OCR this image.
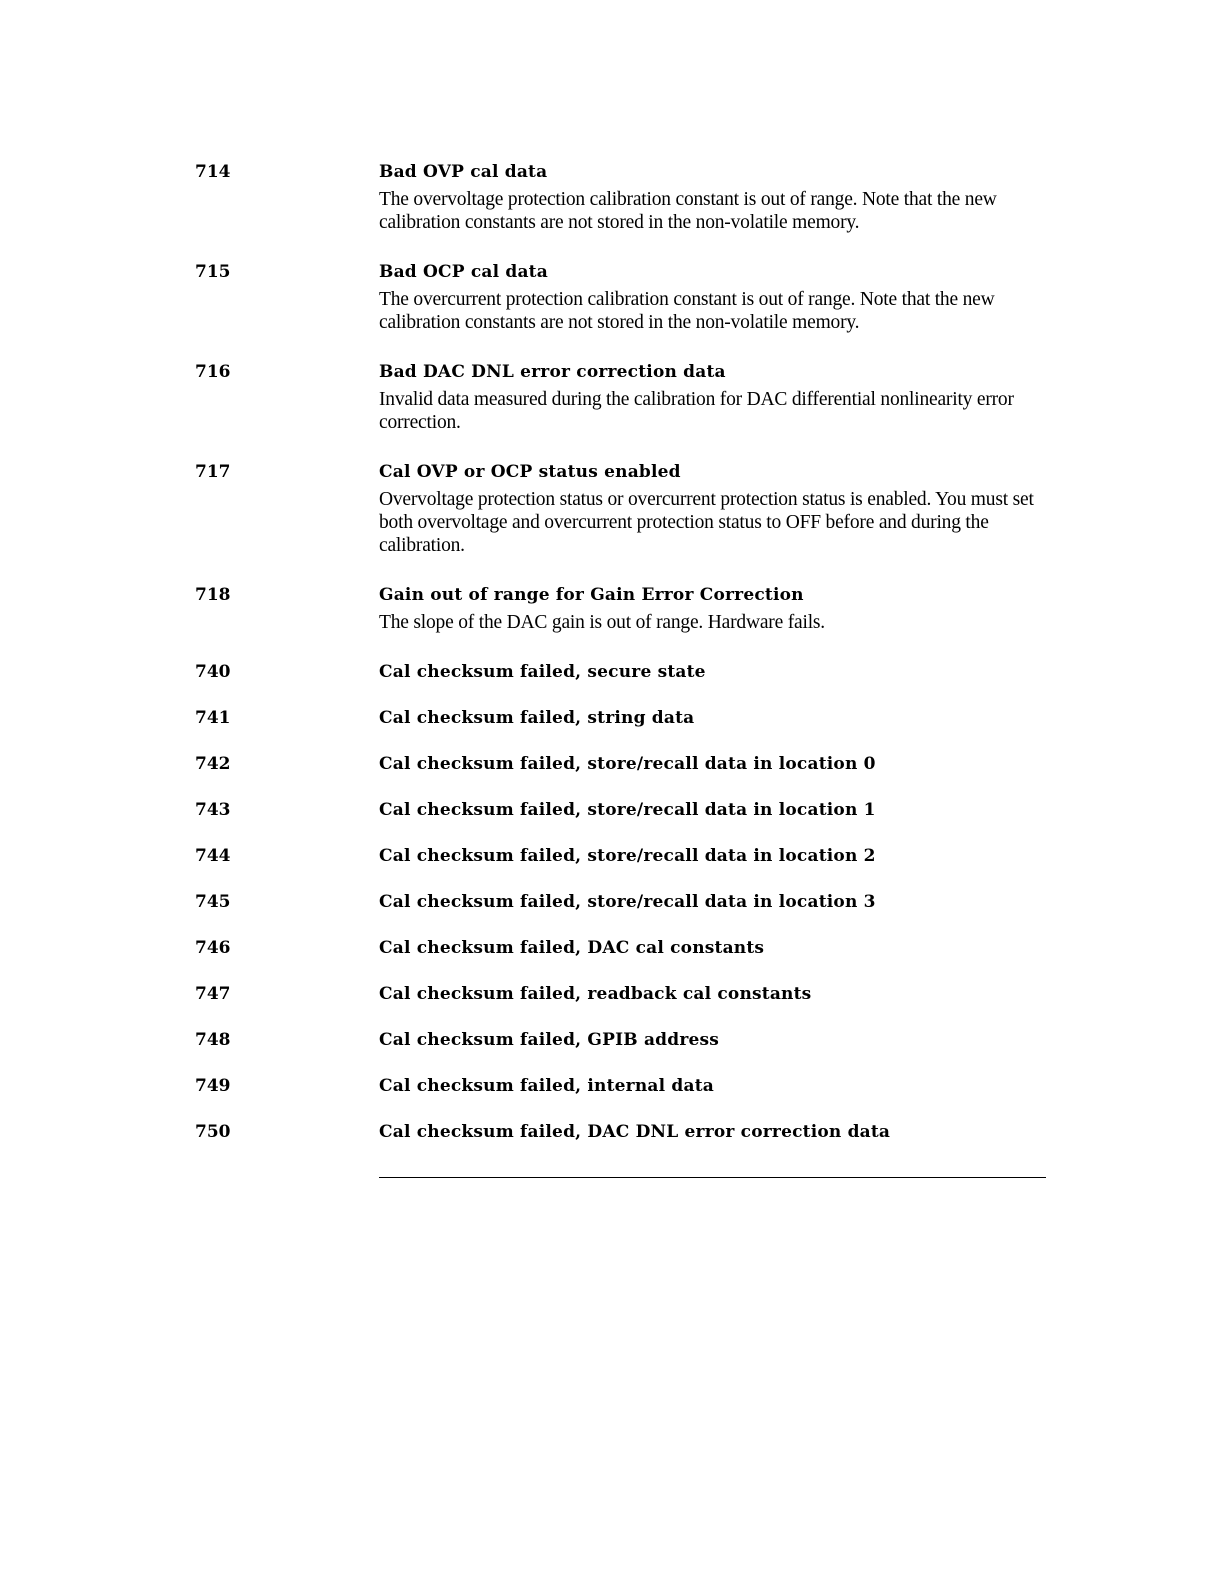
714	Bad OVP cal data
The overvoltage protection calibration constant is out of range. Note that the new calibration constants are not stored in the non-volatile memory.
715	Bad OCP cal data
The overcurrent protection calibration constant is out of range. Note that the new calibration constants are not stored in the non-volatile memory.
716	Bad DAC DNL error correction data
Invalid data measured during the calibration for DAC differential nonlinearity error correction.
717	Cal OVP or OCP status enabled
Overvoltage protection status or overcurrent protection status is enabled. You must set both overvoltage and overcurrent protection status to OFF before and during the calibration.
718	Gain out of range for Gain Error Correction
The slope of the DAC gain is out of range. Hardware fails.
740	Cal checksum failed, secure state
741	Cal checksum failed, string data
742	Cal checksum failed, store/recall data in location 0
743	Cal checksum failed, store/recall data in location 1
744	Cal checksum failed, store/recall data in location 2
745	Cal checksum failed, store/recall data in location 3
746	Cal checksum failed, DAC cal constants
747	Cal checksum failed, readback cal constants
748	Cal checksum failed, GPIB address
749	Cal checksum failed, internal data
750	Cal checksum failed, DAC DNL error correction data
